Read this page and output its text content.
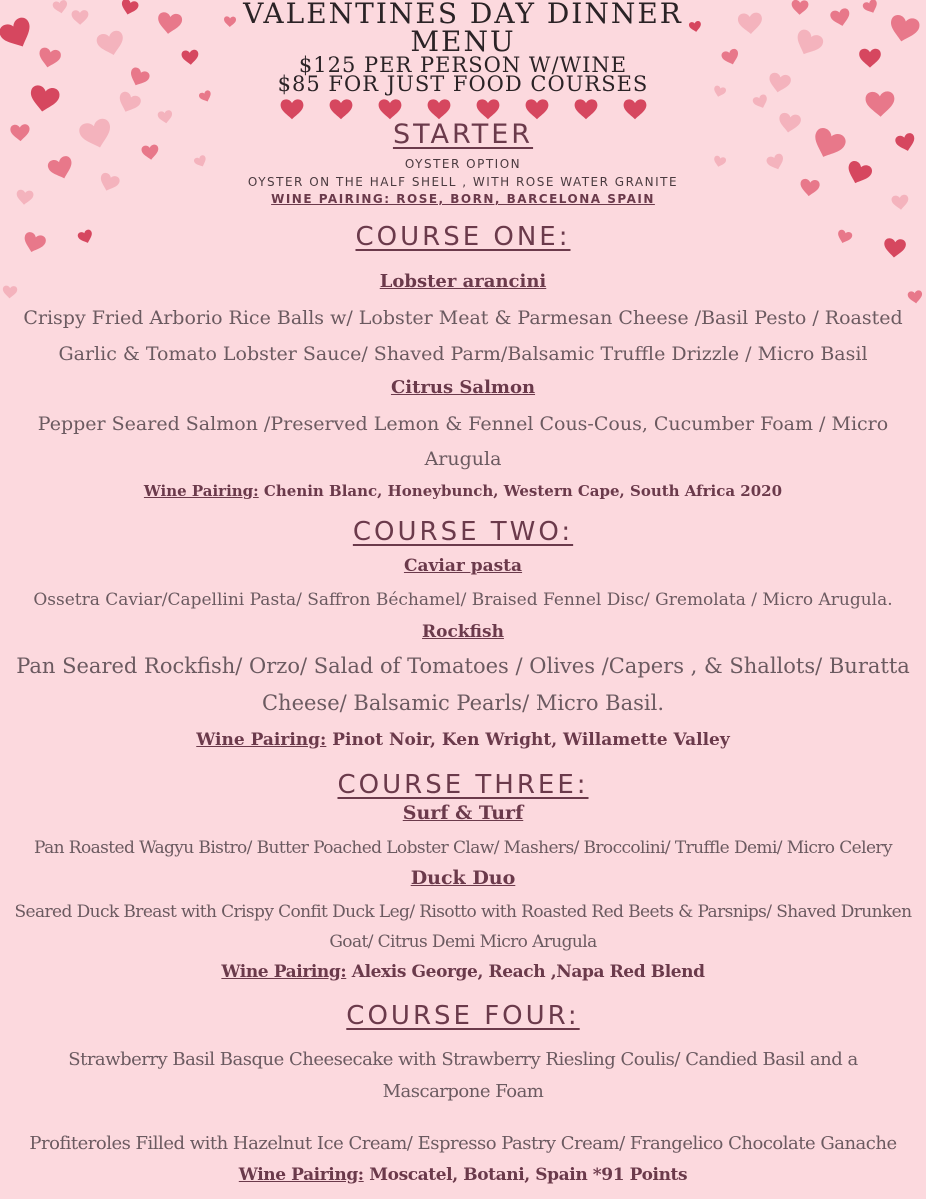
VALENTINES DAY DINNER
MENU
$125 PER PERSON W/WINE
$85 FOR JUST FOOD COURSES
STARTER
OYSTER OPTION
OYSTER ON THE HALF SHELL , WITH ROSE WATER GRANITE
WINE PAIRING: ROSE, BORN, BARCELONA SPAIN
COURSE ONE:
Lobster arancini
Crispy Fried Arborio Rice Balls w/ Lobster Meat & Parmesan Cheese /Basil Pesto / Roasted
Garlic & Tomato Lobster Sauce/ Shaved Parm/Balsamic Truffle Drizzle / Micro Basil
Citrus Salmon
Pepper Seared Salmon /Preserved Lemon & Fennel Cous-Cous, Cucumber Foam / Micro
Arugula
Wine Pairing: Chenin Blanc, Honeybunch, Western Cape, South Africa 2020
COURSE TWO:
Caviar pasta
Ossetra Caviar/Capellini Pasta/ Saffron Béchamel/ Braised Fennel Disc/ Gremolata / Micro Arugula.
Rockfish
Pan Seared Rockfish/ Orzo/ Salad of Tomatoes / Olives /Capers , & Shallots/ Buratta
Cheese/ Balsamic Pearls/ Micro Basil.
Wine Pairing: Pinot Noir, Ken Wright, Willamette Valley
COURSE THREE:
Surf & Turf
Pan Roasted Wagyu Bistro/ Butter Poached Lobster Claw/ Mashers/ Broccolini/ Truffle Demi/ Micro Celery
Duck Duo
Seared Duck Breast with Crispy Confit Duck Leg/ Risotto with Roasted Red Beets & Parsnips/ Shaved Drunken
Goat/ Citrus Demi Micro Arugula
Wine Pairing: Alexis George, Reach ,Napa Red Blend
COURSE FOUR:
Strawberry Basil Basque Cheesecake with Strawberry Riesling Coulis/ Candied Basil and a
Mascarpone Foam
Profiteroles Filled with Hazelnut Ice Cream/ Espresso Pastry Cream/ Frangelico Chocolate Ganache
Wine Pairing: Moscatel, Botani, Spain *91 Points
